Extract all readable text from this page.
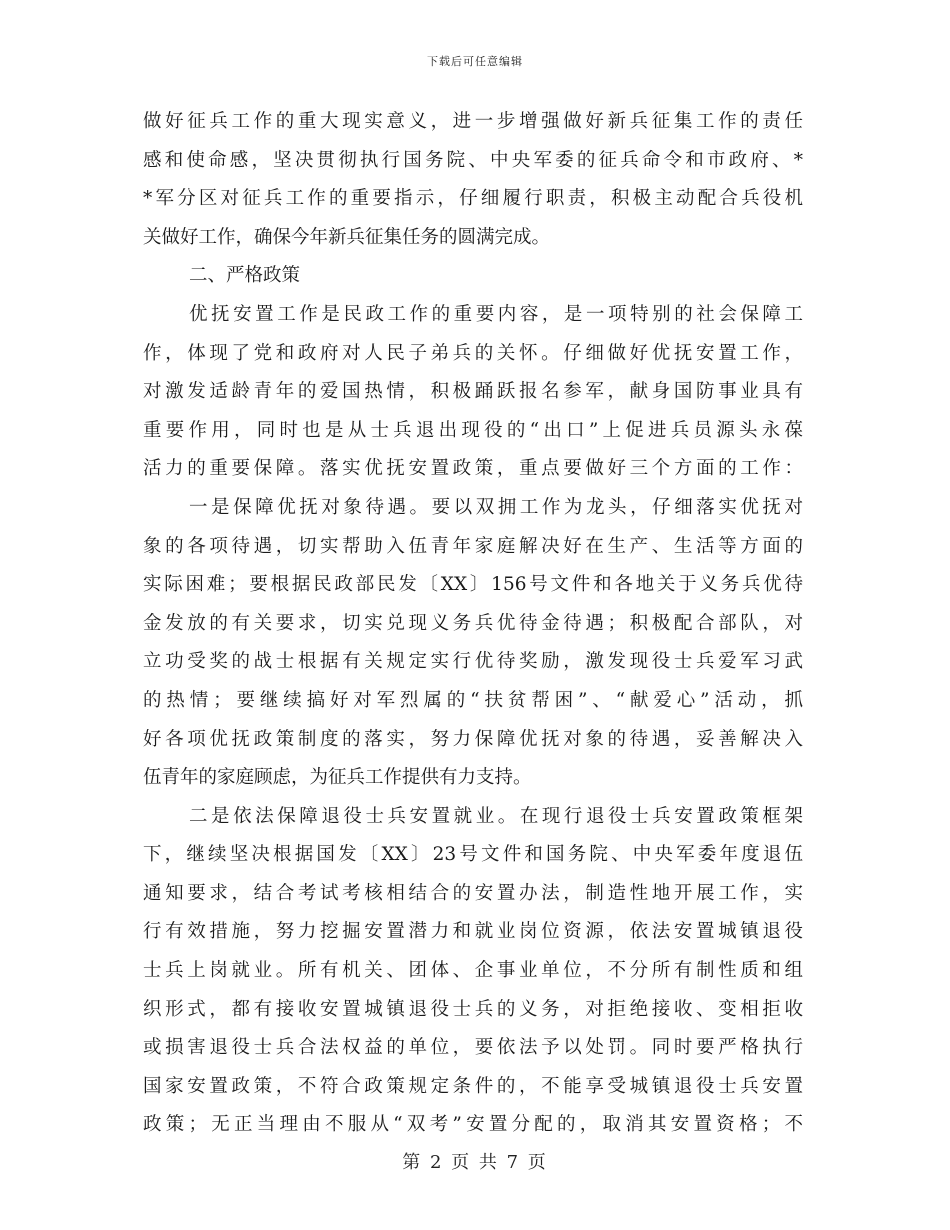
下载后可任意编辑
做好征兵工作的重大现实意义，进一步增强做好新兵征集工作的责任
感和使命感，坚决贯彻执行国务院、中央军委的征兵命令和市政府、*
*军分区对征兵工作的重要指示，仔细履行职责，积极主动配合兵役机
关做好工作，确保今年新兵征集任务的圆满完成。
二、严格政策
优抚安置工作是民政工作的重要内容，是一项特别的社会保障工
作，体现了党和政府对人民子弟兵的关怀。仔细做好优抚安置工作，
对激发适龄青年的爱国热情，积极踊跃报名参军，献身国防事业具有
重要作用，同时也是从士兵退出现役的“出口”上促进兵员源头永葆
活力的重要保障。落实优抚安置政策，重点要做好三个方面的工作：
一是保障优抚对象待遇。要以双拥工作为龙头，仔细落实优抚对
象的各项待遇，切实帮助入伍青年家庭解决好在生产、生活等方面的
实际困难；要根据民政部民发〔XX〕156号文件和各地关于义务兵优待
金发放的有关要求，切实兑现义务兵优待金待遇；积极配合部队，对
立功受奖的战士根据有关规定实行优待奖励，激发现役士兵爱军习武
的热情；要继续搞好对军烈属的“扶贫帮困”、“献爱心”活动，抓
好各项优抚政策制度的落实，努力保障优抚对象的待遇，妥善解决入
伍青年的家庭顾虑，为征兵工作提供有力支持。
二是依法保障退役士兵安置就业。在现行退役士兵安置政策框架
下，继续坚决根据国发〔XX〕23号文件和国务院、中央军委年度退伍
通知要求，结合考试考核相结合的安置办法，制造性地开展工作，实
行有效措施，努力挖掘安置潜力和就业岗位资源，依法安置城镇退役
士兵上岗就业。所有机关、团体、企事业单位，不分所有制性质和组
织形式，都有接收安置城镇退役士兵的义务，对拒绝接收、变相拒收
或损害退役士兵合法权益的单位，要依法予以处罚。同时要严格执行
国家安置政策，不符合政策规定条件的，不能享受城镇退役士兵安置
政策；无正当理由不服从“双考”安置分配的，取消其安置资格；不
第 2 页 共 7 页
